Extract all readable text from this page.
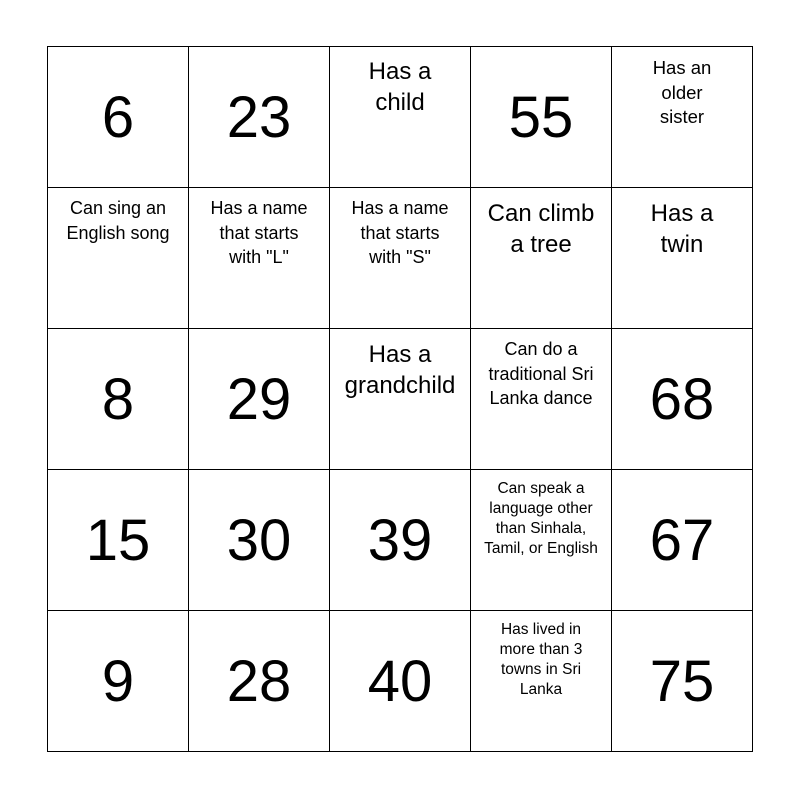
6 23
Has a child	55
Has an older sister
Can sing an English song
Has a name that starts with "L"
Has a name that starts with "S"
Can climb a tree
Has a twin
8 29
Has a grandchild
Can do a traditional Sri Lanka dance 68
15 30 39
Can speak a language other than Sinhala, Tamil, or English 67
9 28 40
Has lived in more than 3 towns in Sri Lanka	75
